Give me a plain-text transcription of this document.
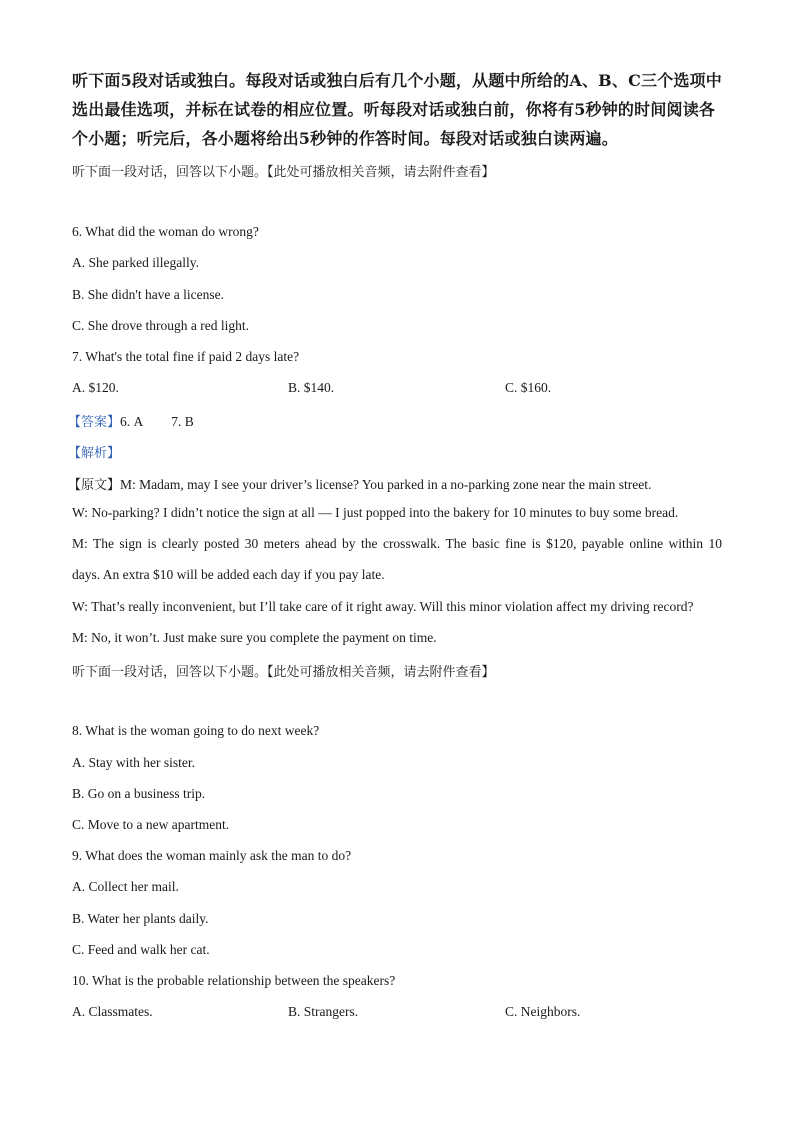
听下面5段对话或独白。每段对话或独白后有几个小题，从题中所给的A、B、C三个选项中选出最佳选项，并标在试卷的相应位置。听每段对话或独白前，你将有5秒钟的时间阅读各个小题；听完后，各小题将给出5秒钟的作答时间。每段对话或独白读两遍。

听下面一段对话，回答以下小题。【此处可播放相关音频，请去附件查看】

6. What did the woman do wrong?

A. She parked illegally.

B. She didn't have a license.

C. She drove through a red light.

7. What's the total fine if paid 2 days late?

A. $120.	B. $140.	C. $160.

【答案】6. A 7. B

【解析】

【原文】M: Madam, may I see your driver’s license? You parked in a no-parking zone near the main street.

W: No-parking? I didn’t notice the sign at all — I just popped into the bakery for 10 minutes to buy some bread.

M: The sign is clearly posted 30 meters ahead by the crosswalk. The basic fine is $120, payable online within 10

days. An extra $10 will be added each day if you pay late.

W: That’s really inconvenient, but I’ll take care of it right away. Will this minor violation affect my driving record?

M: No, it won’t. Just make sure you complete the payment on time.

听下面一段对话，回答以下小题。【此处可播放相关音频，请去附件查看】

8. What is the woman going to do next week?

A. Stay with her sister.

B. Go on a business trip.

C. Move to a new apartment.

9. What does the woman mainly ask the man to do?

A. Collect her mail.

B. Water her plants daily.

C. Feed and walk her cat.

10. What is the probable relationship between the speakers?

A. Classmates.	B. Strangers.	C. Neighbors.
